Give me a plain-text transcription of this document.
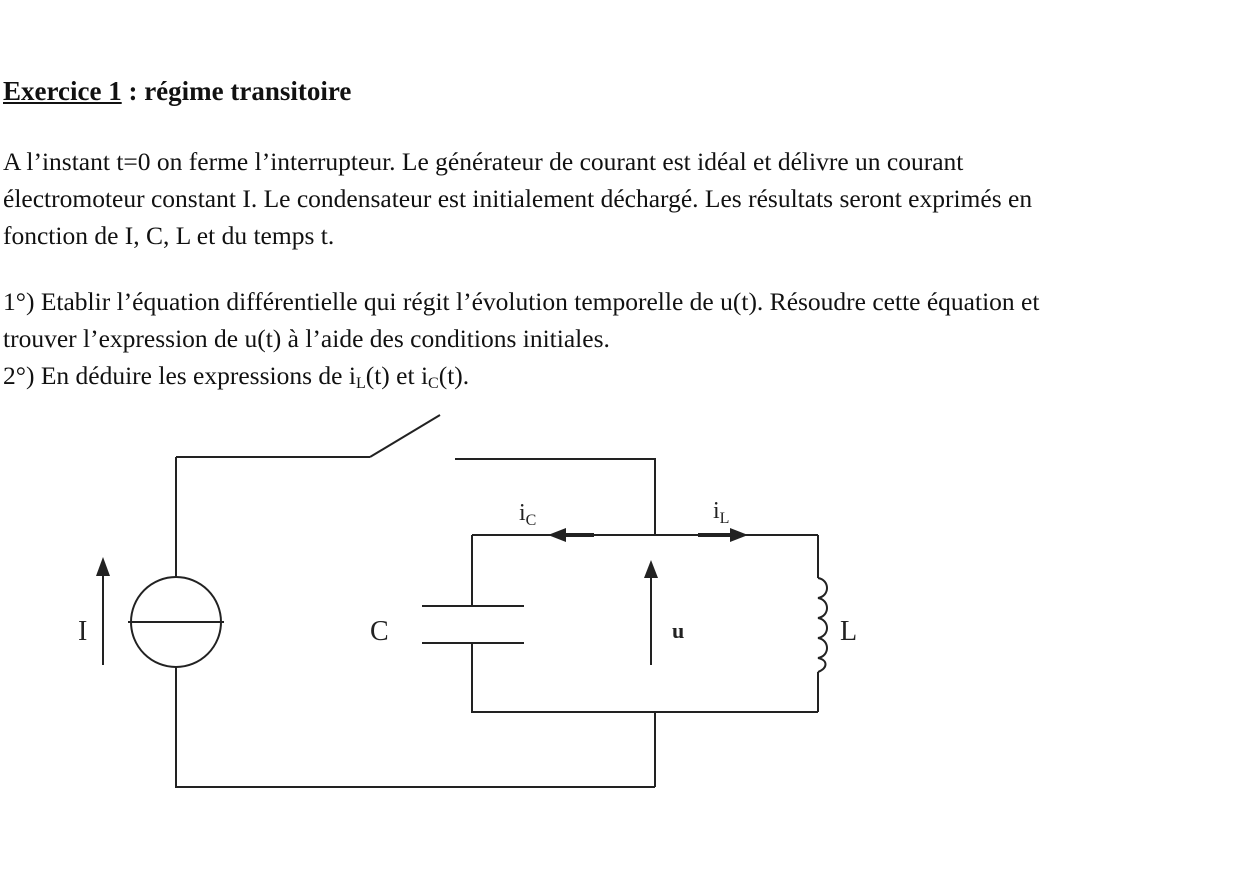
Exercice 1 : régime transitoire
A l’instant t=0 on ferme l’interrupteur. Le générateur de courant est idéal et délivre un courant
électromoteur constant I. Le condensateur est initialement déchargé. Les résultats seront exprimés en
fonction de I, C, L et du temps t.
1°) Etablir l’équation différentielle qui régit l’évolution temporelle de u(t). Résoudre cette équation et
trouver l’expression de u(t) à l’aide des conditions initiales.
2°) En déduire les expressions de $i_L(t)$ et $i_C(t)$.
I	C	u	L
$i_C$	$i_L$
